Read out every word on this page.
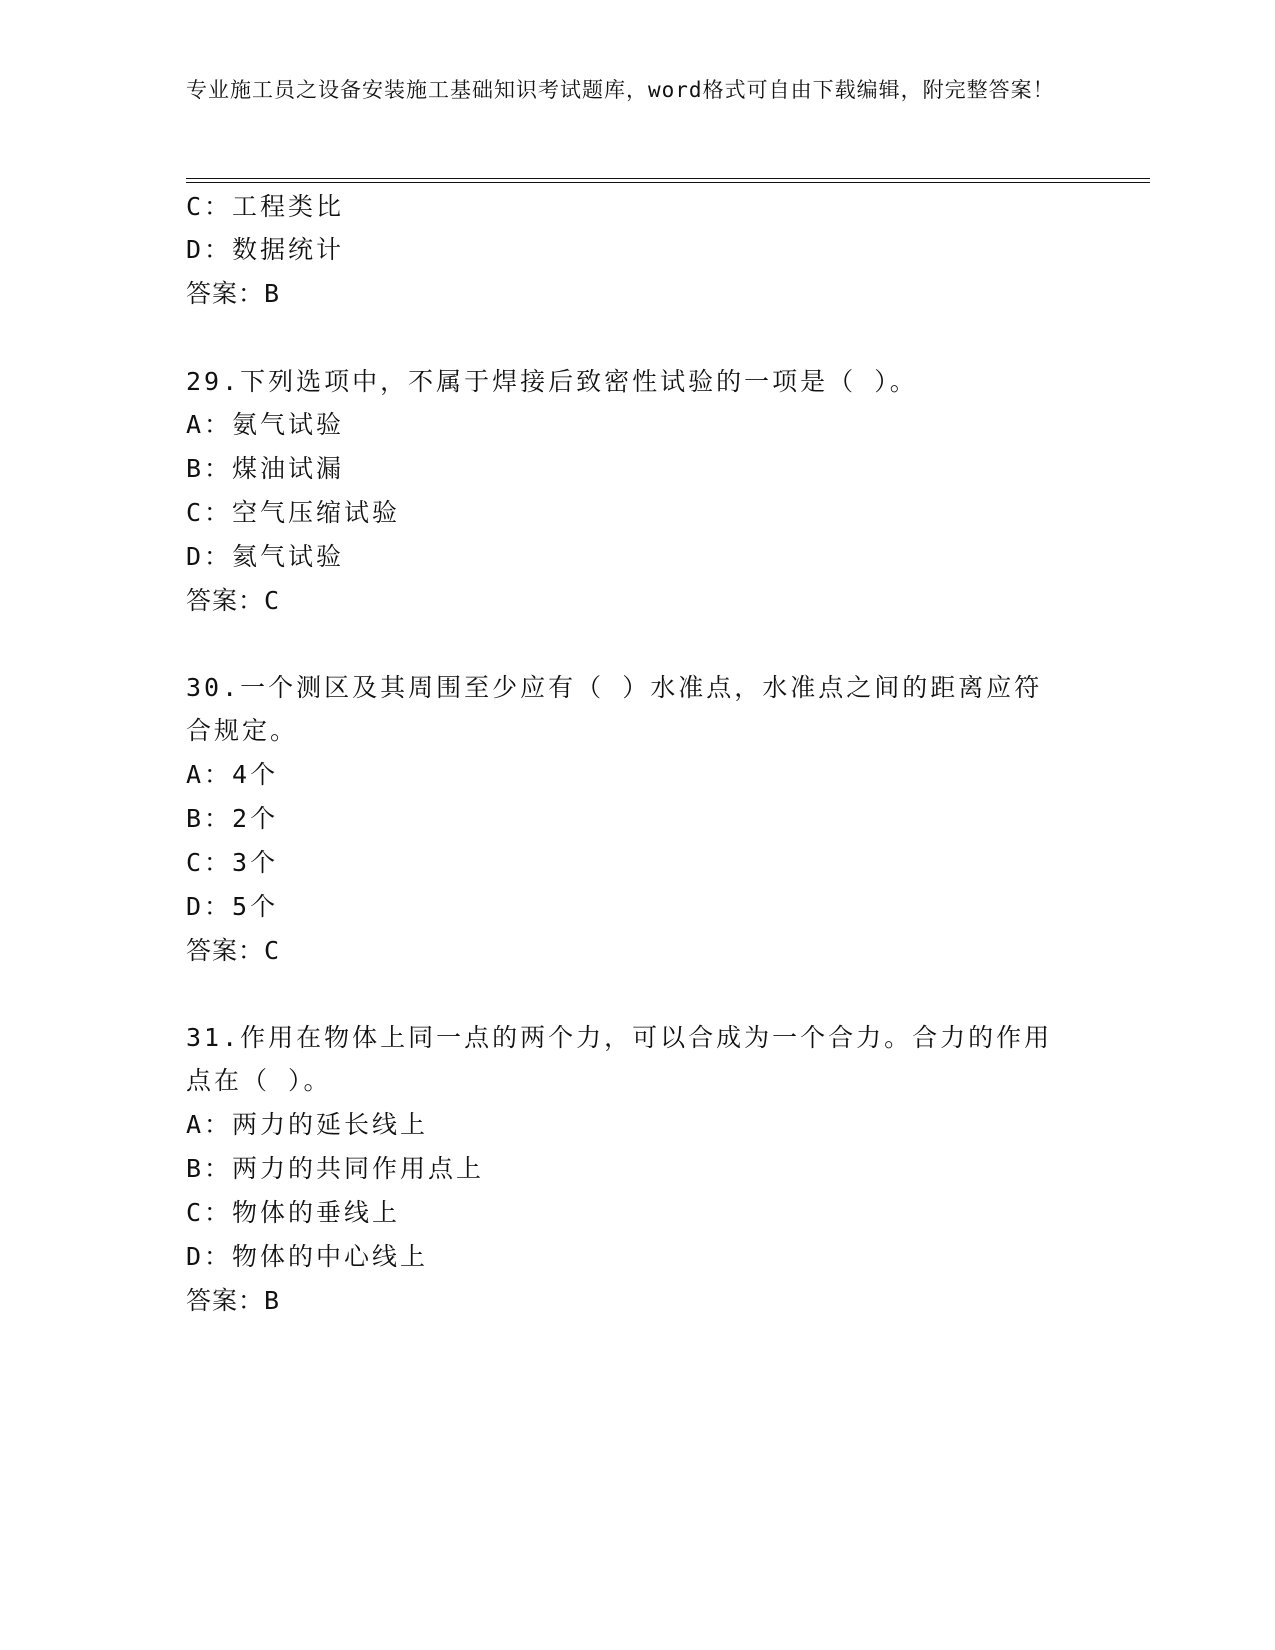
专业施工员之设备安装施工基础知识考试题库，word格式可自由下载编辑，附完整答案！
C：工程类比
D：数据统计
答案：B
29.下列选项中，不属于焊接后致密性试验的一项是（ ）。
A：氨气试验
B：煤油试漏
C：空气压缩试验
D：氦气试验
答案：C
30.一个测区及其周围至少应有（ ）水准点，水准点之间的距离应符
合规定。
A：4个
B：2个
C：3个
D：5个
答案：C
31.作用在物体上同一点的两个力，可以合成为一个合力。合力的作用
点在（ ）。
A：两力的延长线上
B：两力的共同作用点上
C：物体的垂线上
D：物体的中心线上
答案：B
